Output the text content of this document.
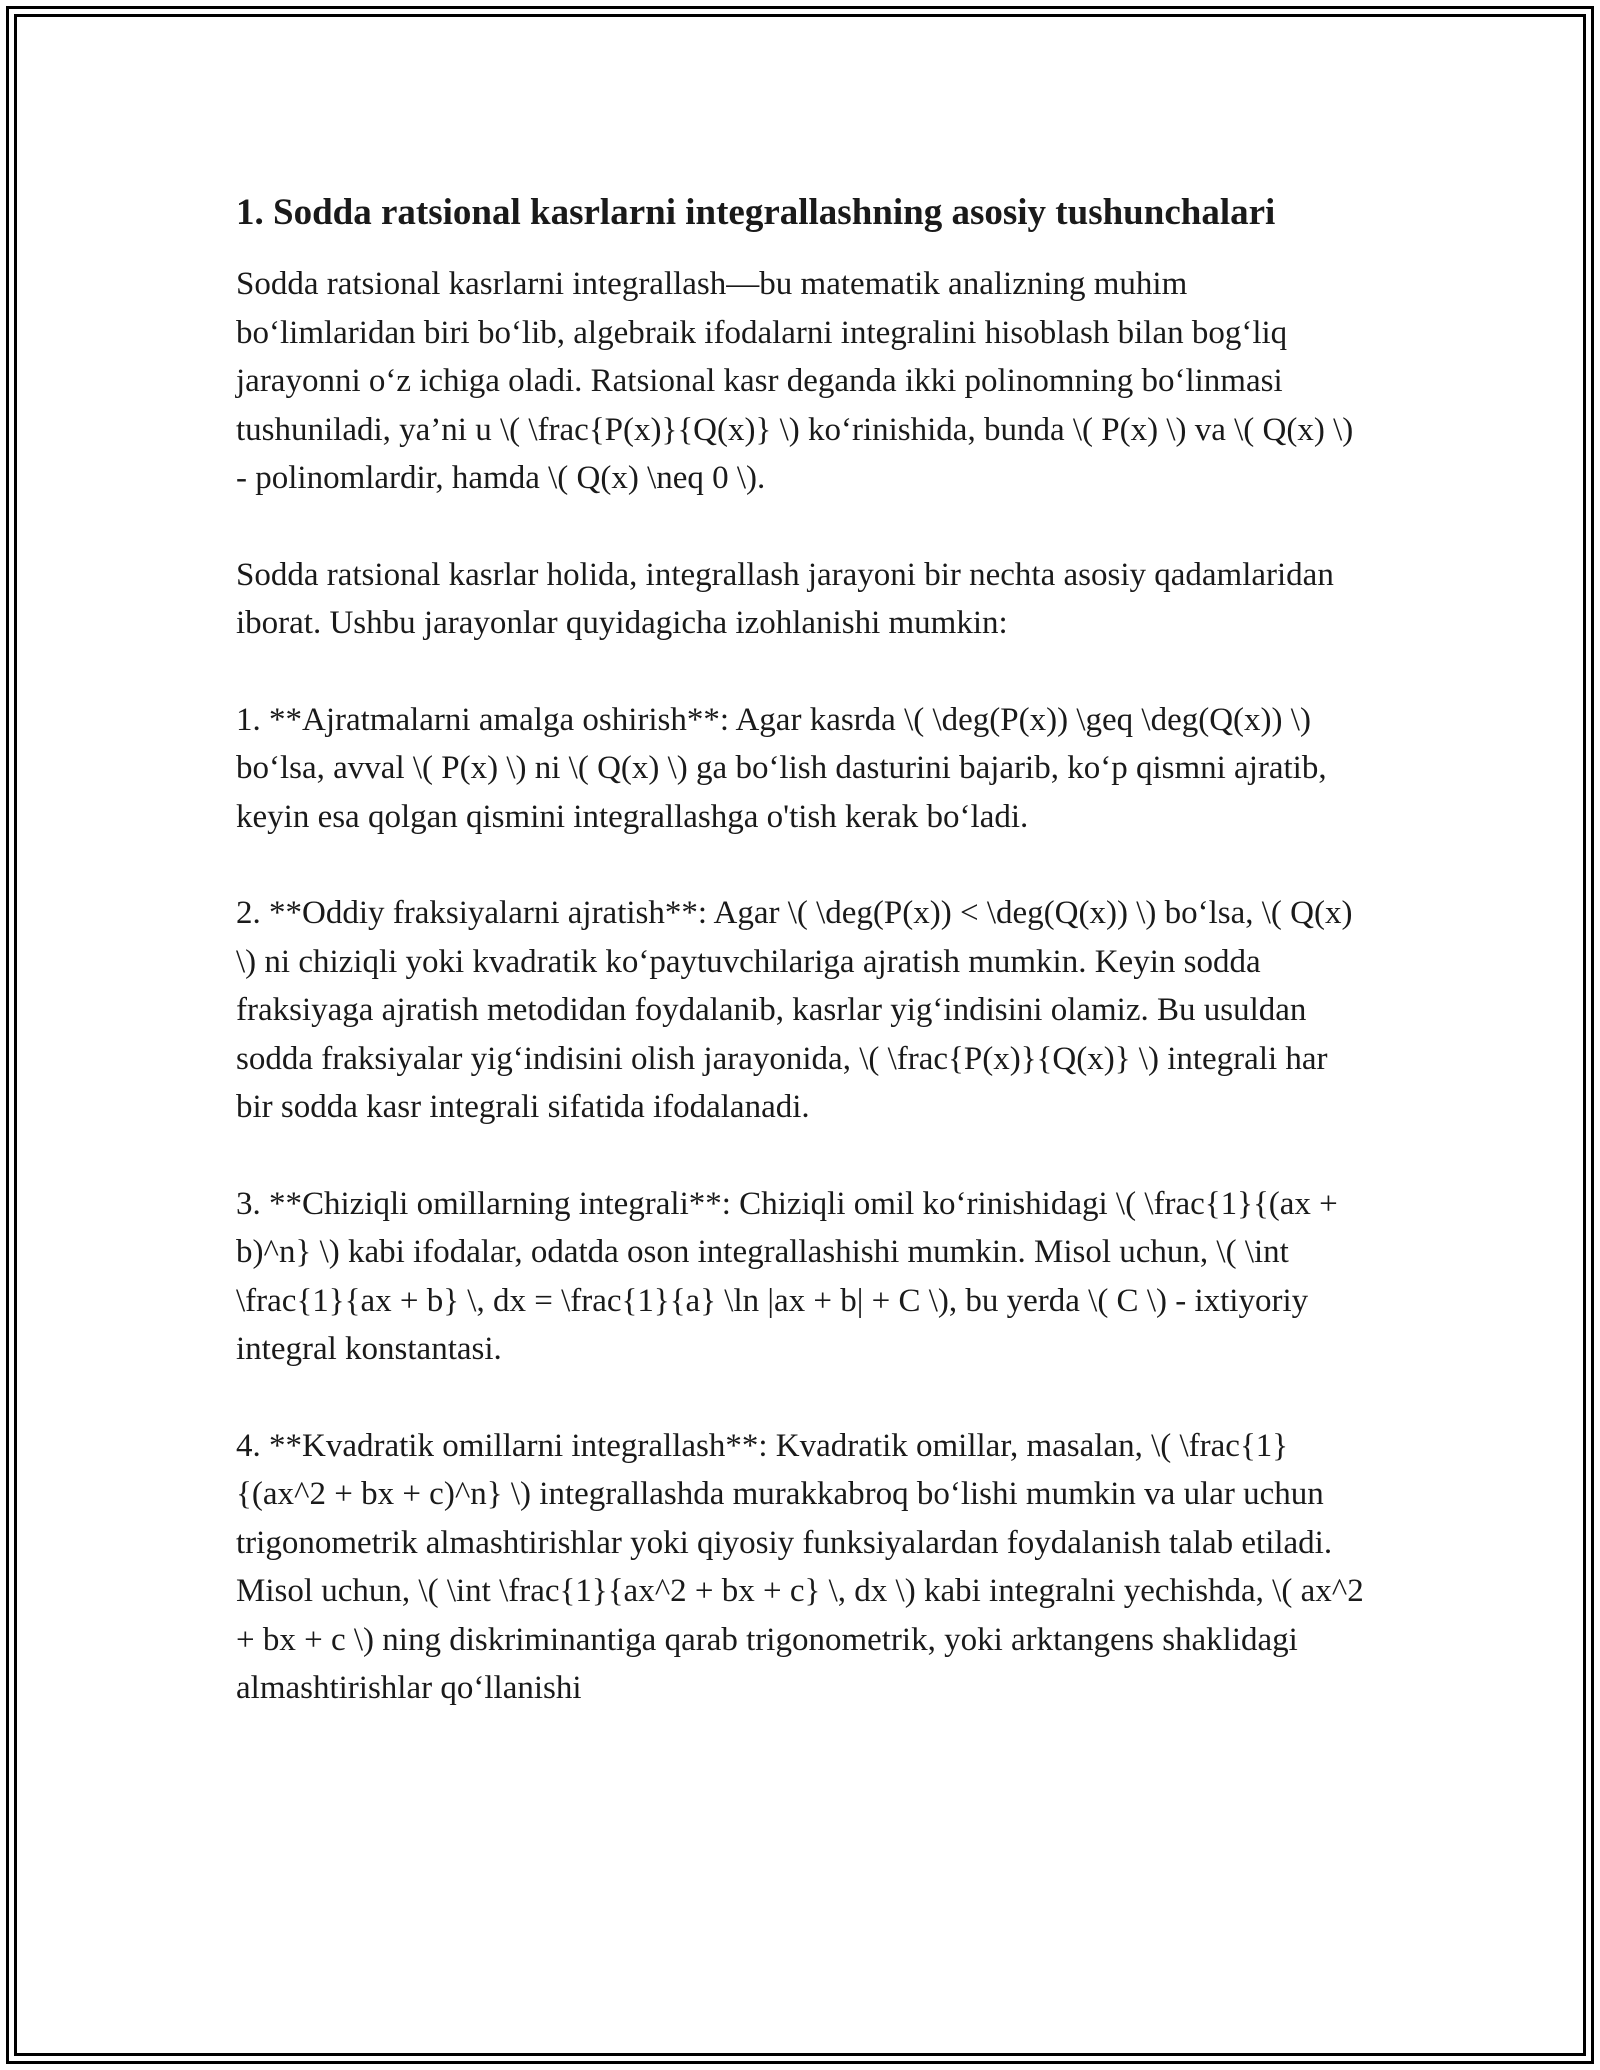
1. Sodda ratsional kasrlarni integrallashning asosiy tushunchalari

Sodda ratsional kasrlarni integrallash—bu matematik analizning muhim bo‘limlaridan biri bo‘lib, algebraik ifodalarni integralini hisoblash bilan bog‘liq jarayonni o‘z ichiga oladi. Ratsional kasr deganda ikki polinomning bo‘linmasi tushuniladi, ya’ni u \( \frac{P(x)}{Q(x)} \) ko‘rinishida, bunda \( P(x) \) va \( Q(x) \) - polinomlardir, hamda \( Q(x) \neq 0 \).

Sodda ratsional kasrlar holida, integrallash jarayoni bir nechta asosiy qadamlaridan iborat. Ushbu jarayonlar quyidagicha izohlanishi mumkin:

1. **Ajratmalarni amalga oshirish**: Agar kasrda \( \deg(P(x)) \geq \deg(Q(x)) \) bo‘lsa, avval \( P(x) \) ni \( Q(x) \) ga bo‘lish dasturini bajarib, ko‘p qismni ajratib, keyin esa qolgan qismini integrallashga o'tish kerak bo‘ladi.

2. **Oddiy fraksiyalarni ajratish**: Agar \( \deg(P(x)) < \deg(Q(x)) \) bo‘lsa, \( Q(x) \) ni chiziqli yoki kvadratik ko‘paytuvchilariga ajratish mumkin. Keyin sodda fraksiyaga ajratish metodidan foydalanib, kasrlar yig‘indisini olamiz. Bu usuldan sodda fraksiyalar yig‘indisini olish jarayonida, \( \frac{P(x)}{Q(x)} \) integrali har bir sodda kasr integrali sifatida ifodalanadi.

3. **Chiziqli omillarning integrali**: Chiziqli omil ko‘rinishidagi \( \frac{1}{(ax + b)^n} \) kabi ifodalar, odatda oson integrallashishi mumkin. Misol uchun, \( \int \frac{1}{ax + b} \, dx = \frac{1}{a} \ln |ax + b| + C \), bu yerda \( C \) - ixtiyoriy integral konstantasi.

4. **Kvadratik omillarni integrallash**: Kvadratik omillar, masalan, \( \frac{1}{(ax^2 + bx + c)^n} \) integrallashda murakkabroq bo‘lishi mumkin va ular uchun trigonometrik almashtirishlar yoki qiyosiy funksiyalardan foydalanish talab etiladi. Misol uchun, \( \int \frac{1}{ax^2 + bx + c} \, dx \) kabi integralni yechishda, \( ax^2 + bx + c \) ning diskriminantiga qarab trigonometrik, yoki arktangens shaklidagi almashtirishlar qo‘llanishi
